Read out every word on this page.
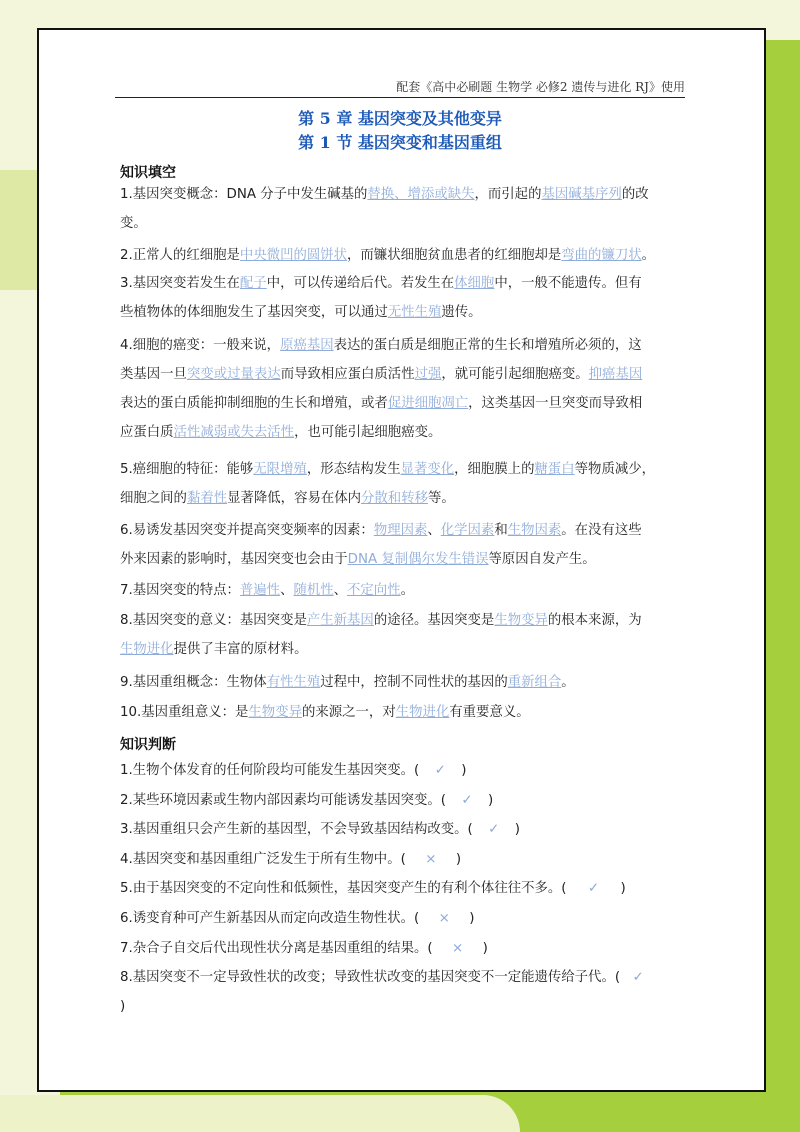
配套《高中必刷题 生物学 必修2 遗传与进化 RJ》使用
第 5 章 基因突变及其他变异
第 1 节 基因突变和基因重组
知识填空
1.基因突变概念：DNA 分子中发生碱基的替换、增添或缺失，而引起的基因碱基序列的改
变。
2.正常人的红细胞是中央微凹的圆饼状，而镰状细胞贫血患者的红细胞却是弯曲的镰刀状。
3.基因突变若发生在配子中，可以传递给后代。若发生在体细胞中，一般不能遗传。但有
些植物体的体细胞发生了基因突变，可以通过无性生殖遗传。
4.细胞的癌变：一般来说，原癌基因表达的蛋白质是细胞正常的生长和增殖所必须的，这
类基因一旦突变或过量表达而导致相应蛋白质活性过强，就可能引起细胞癌变。抑癌基因
表达的蛋白质能抑制细胞的生长和增殖，或者促进细胞凋亡，这类基因一旦突变而导致相
应蛋白质活性减弱或失去活性，也可能引起细胞癌变。
5.癌细胞的特征：能够无限增殖，形态结构发生显著变化，细胞膜上的糖蛋白等物质减少，
细胞之间的黏着性显著降低，容易在体内分散和转移等。
6.易诱发基因突变并提高突变频率的因素：物理因素、化学因素和生物因素。在没有这些
外来因素的影响时，基因突变也会由于DNA 复制偶尔发生错误等原因自发产生。
7.基因突变的特点：普遍性、随机性、不定向性。
8.基因突变的意义：基因突变是产生新基因的途径。基因突变是生物变异的根本来源，为
生物进化提供了丰富的原材料。
9.基因重组概念：生物体有性生殖过程中，控制不同性状的基因的重新组合。
10.基因重组意义：是生物变异的来源之一，对生物进化有重要意义。
知识判断
1.生物个体发育的任何阶段均可能发生基因突变。( ✓ )
2.某些环境因素或生物内部因素均可能诱发基因突变。( ✓ )
3.基因重组只会产生新的基因型，不会导致基因结构改变。( ✓ )
4.基因突变和基因重组广泛发生于所有生物中。( × )
5.由于基因突变的不定向性和低频性，基因突变产生的有利个体往往不多。( ✓ )
6.诱变育种可产生新基因从而定向改造生物性状。( × )
7.杂合子自交后代出现性状分离是基因重组的结果。( × )
8.基因突变不一定导致性状的改变；导致性状改变的基因突变不一定能遗传给子代。( ✓
)
